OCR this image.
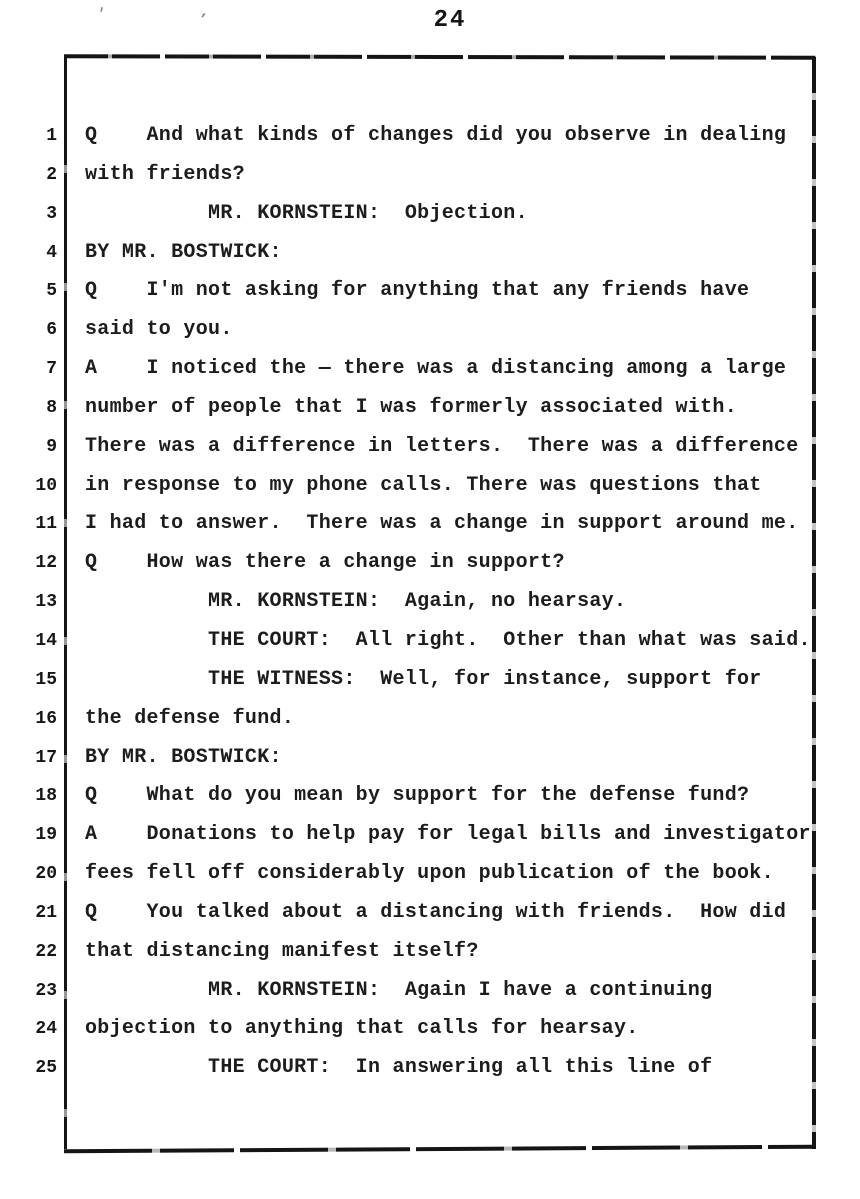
24
'	'
1 Q    And what kinds of changes did you observe in dealing
2 with friends?
3 MR. KORNSTEIN:  Objection.
4 BY MR. BOSTWICK:
5 Q    I'm not asking for anything that any friends have
6 said to you.
7 A    I noticed the — there was a distancing among a large
8 number of people that I was formerly associated with.
9 There was a difference in letters.  There was a difference
10 in response to my phone calls. There was questions that
11 I had to answer.  There was a change in support around me.
12 Q    How was there a change in support?
13 MR. KORNSTEIN:  Again, no hearsay.
14 THE COURT:  All right.  Other than what was said.
15 THE WITNESS:  Well, for instance, support for
16 the defense fund.
17 BY MR. BOSTWICK:
18 Q    What do you mean by support for the defense fund?
19 A    Donations to help pay for legal bills and investigator
20 fees fell off considerably upon publication of the book.
21 Q    You talked about a distancing with friends.  How did
22 that distancing manifest itself?
23 MR. KORNSTEIN:  Again I have a continuing
24 objection to anything that calls for hearsay.
25 THE COURT:  In answering all this line of
